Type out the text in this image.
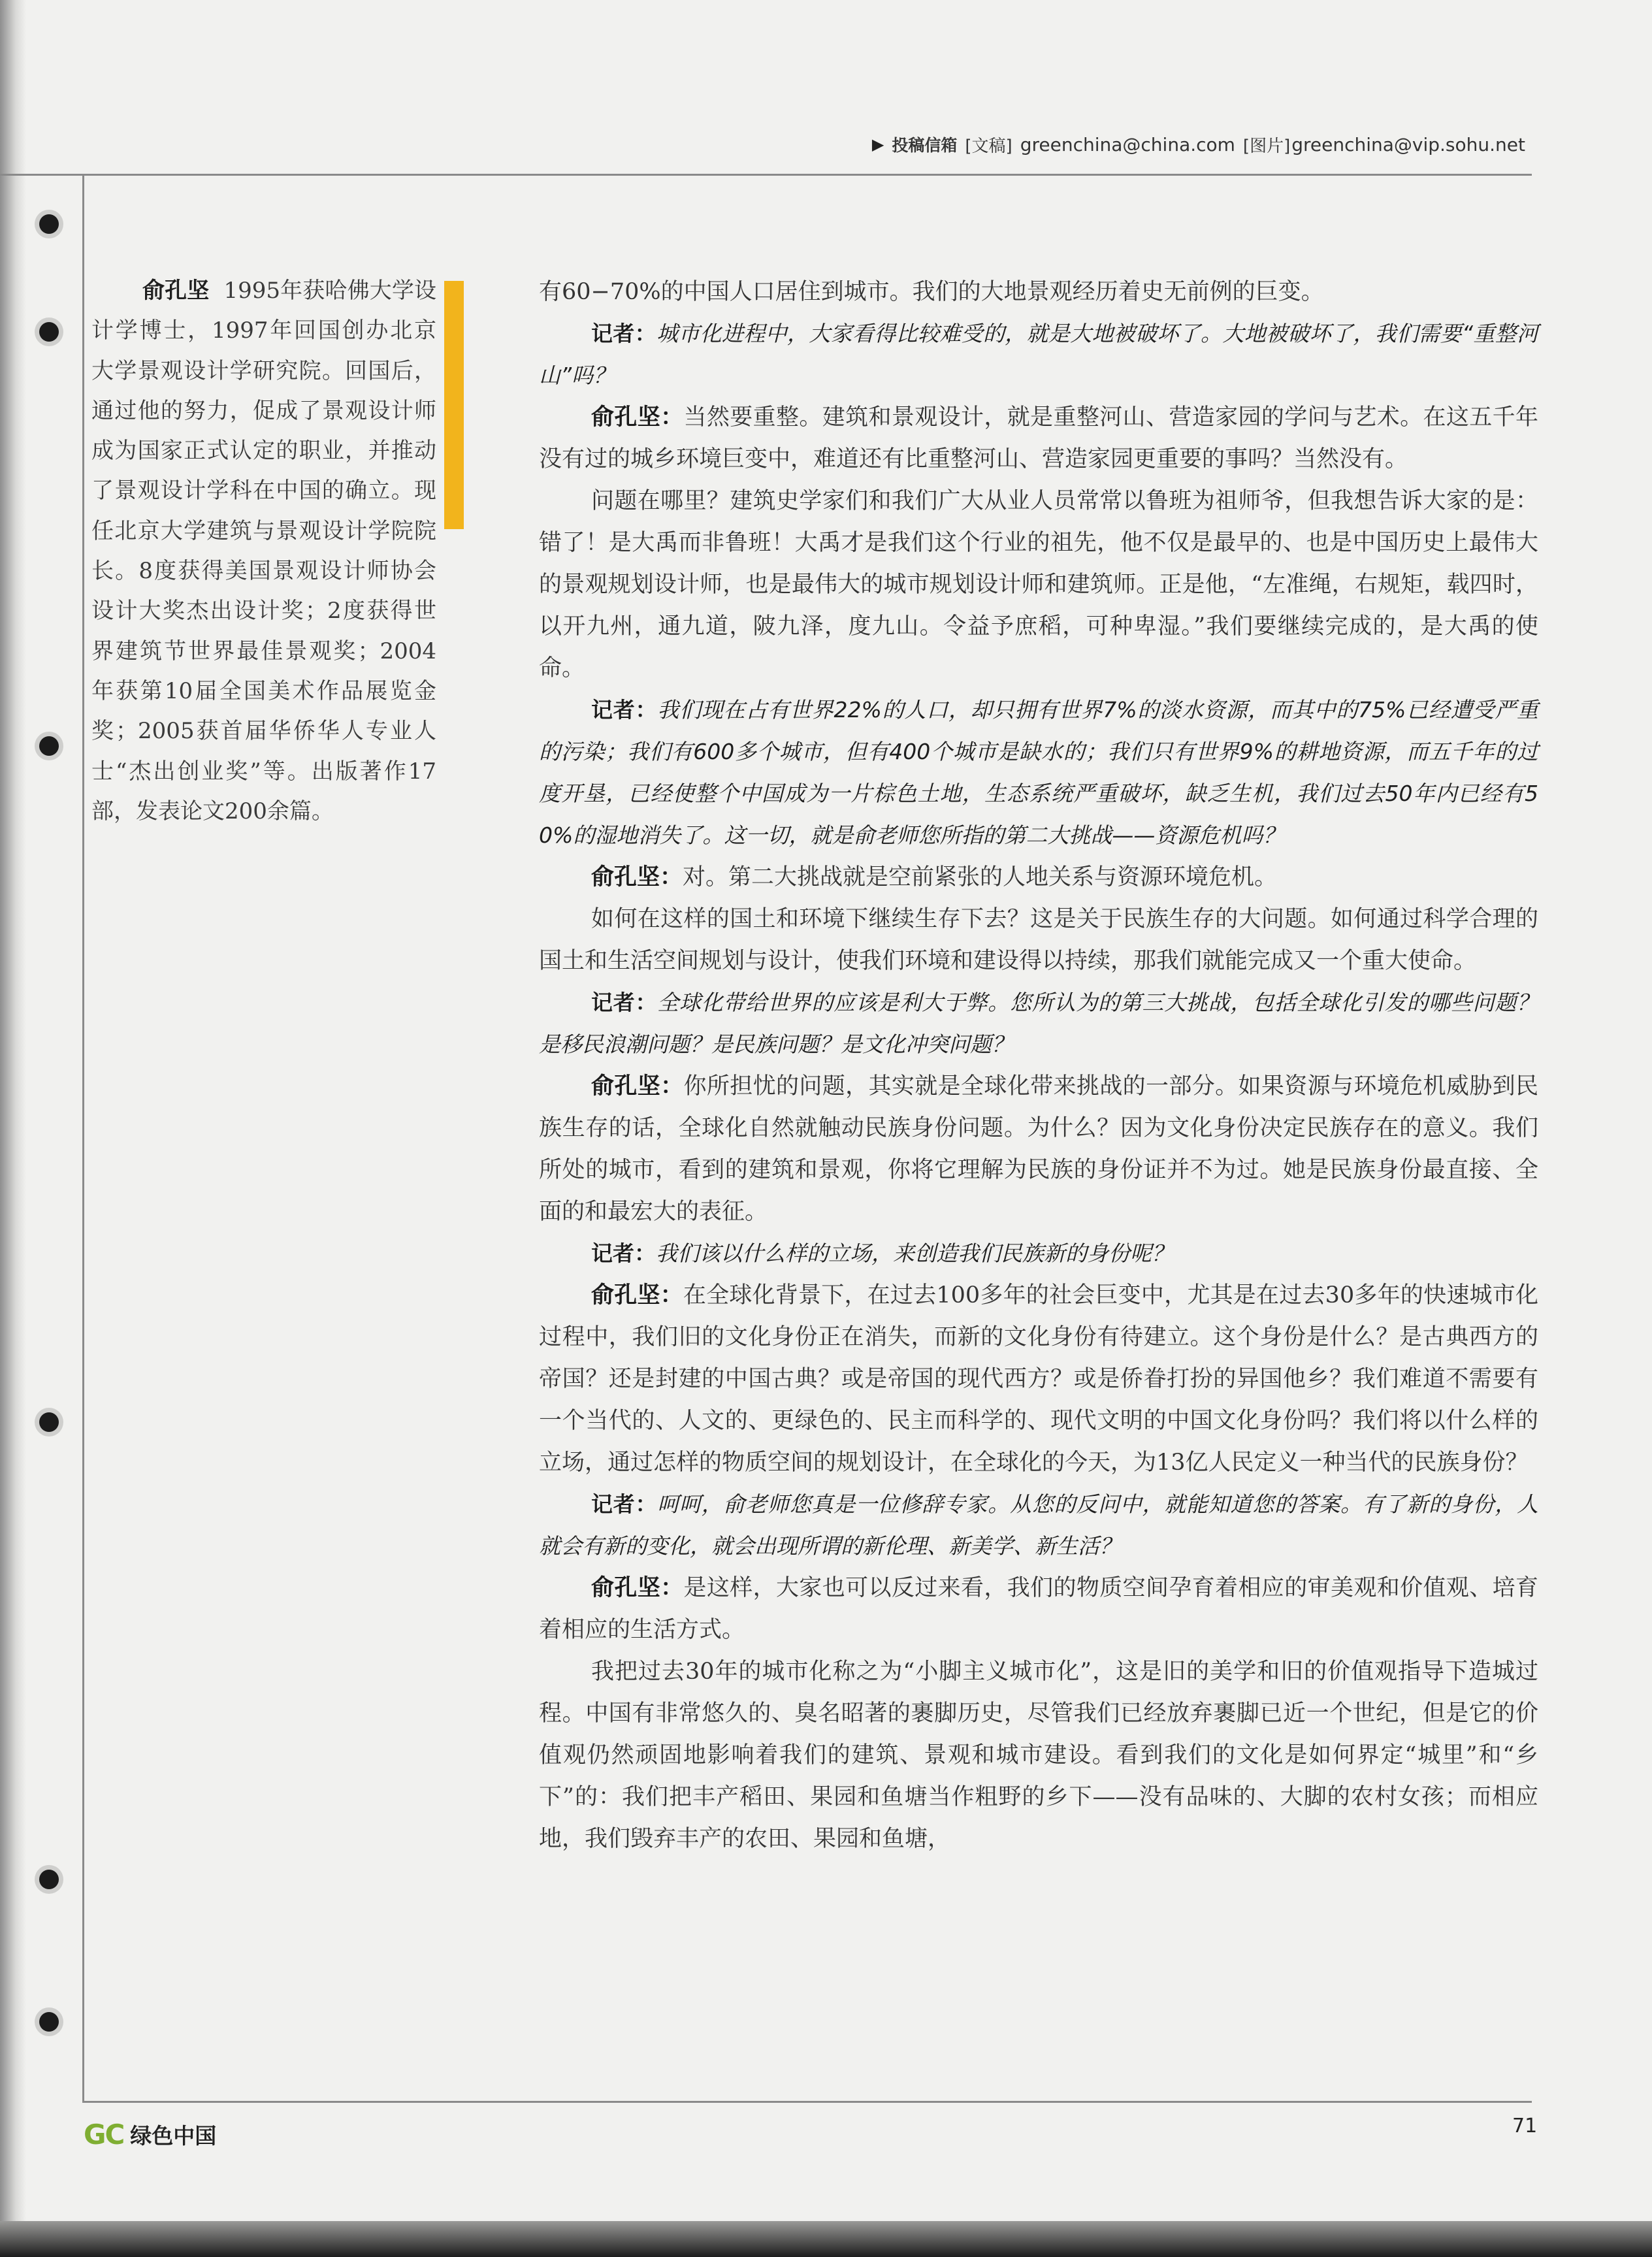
▶ 投稿信箱 [文稿] greenchina@china.com [图片] greenchina@vip.sohu.net
俞孔坚 1995年获哈佛大学设计学博士，1997年回国创办北京大学景观设计学研究院。回国后，通过他的努力，促成了景观设计师成为国家正式认定的职业，并推动了景观设计学科在中国的确立。现任北京大学建筑与景观设计学院院长。8度获得美国景观设计师协会设计大奖杰出设计奖；2度获得世界建筑节世界最佳景观奖；2004年获第10届全国美术作品展览金奖；2005获首届华侨华人专业人士“杰出创业奖”等。出版著作17部，发表论文200余篇。

有60−70%的中国人口居住到城市。我们的大地景观经历着史无前例的巨变。

记者：城市化进程中，大家看得比较难受的，就是大地被破坏了。大地被破坏了，我们需要“重整河山”吗？

俞孔坚：当然要重整。建筑和景观设计，就是重整河山、营造家园的学问与艺术。在这五千年没有过的城乡环境巨变中，难道还有比重整河山、营造家园更重要的事吗？当然没有。

问题在哪里？建筑史学家们和我们广大从业人员常常以鲁班为祖师爷，但我想告诉大家的是：错了！是大禹而非鲁班！大禹才是我们这个行业的祖先，他不仅是最早的、也是中国历史上最伟大的景观规划设计师，也是最伟大的城市规划设计师和建筑师。正是他，“左准绳，右规矩，载四时，以开九州，通九道，陂九泽，度九山。令益予庶稻，可种卑湿。”我们要继续完成的，是大禹的使命。

记者：我们现在占有世界22%的人口，却只拥有世界7%的淡水资源，而其中的75%已经遭受严重的污染；我们有600多个城市，但有400个城市是缺水的；我们只有世界9%的耕地资源，而五千年的过度开垦，已经使整个中国成为一片棕色土地，生态系统严重破坏，缺乏生机，我们过去50年内已经有50%的湿地消失了。这一切，就是俞老师您所指的第二大挑战——资源危机吗？

俞孔坚：对。第二大挑战就是空前紧张的人地关系与资源环境危机。

如何在这样的国土和环境下继续生存下去？这是关于民族生存的大问题。如何通过科学合理的国土和生活空间规划与设计，使我们环境和建设得以持续，那我们就能完成又一个重大使命。

记者：全球化带给世界的应该是利大于弊。您所认为的第三大挑战，包括全球化引发的哪些问题？是移民浪潮问题？是民族问题？是文化冲突问题？

俞孔坚：你所担忧的问题，其实就是全球化带来挑战的一部分。如果资源与环境危机威胁到民族生存的话，全球化自然就触动民族身份问题。为什么？因为文化身份决定民族存在的意义。我们所处的城市，看到的建筑和景观，你将它理解为民族的身份证并不为过。她是民族身份最直接、全面的和最宏大的表征。

记者：我们该以什么样的立场，来创造我们民族新的身份呢？

俞孔坚：在全球化背景下，在过去100多年的社会巨变中，尤其是在过去30多年的快速城市化过程中，我们旧的文化身份正在消失，而新的文化身份有待建立。这个身份是什么？是古典西方的帝国？还是封建的中国古典？或是帝国的现代西方？或是侨眷打扮的异国他乡？我们难道不需要有一个当代的、人文的、更绿色的、民主而科学的、现代文明的中国文化身份吗？我们将以什么样的立场，通过怎样的物质空间的规划设计，在全球化的今天，为13亿人民定义一种当代的民族身份？

记者：呵呵，俞老师您真是一位修辞专家。从您的反问中，就能知道您的答案。有了新的身份，人就会有新的变化，就会出现所谓的新伦理、新美学、新生活？

俞孔坚：是这样，大家也可以反过来看，我们的物质空间孕育着相应的审美观和价值观、培育着相应的生活方式。

我把过去30年的城市化称之为“小脚主义城市化”，这是旧的美学和旧的价值观指导下造城过程。中国有非常悠久的、臭名昭著的裹脚历史，尽管我们已经放弃裹脚已近一个世纪，但是它的价值观仍然顽固地影响着我们的建筑、景观和城市建设。看到我们的文化是如何界定“城里”和“乡下”的：我们把丰产稻田、果园和鱼塘当作粗野的乡下——没有品味的、大脚的农村女孩；而相应地，我们毁弃丰产的农田、果园和鱼塘，

GC 绿色中国	71
